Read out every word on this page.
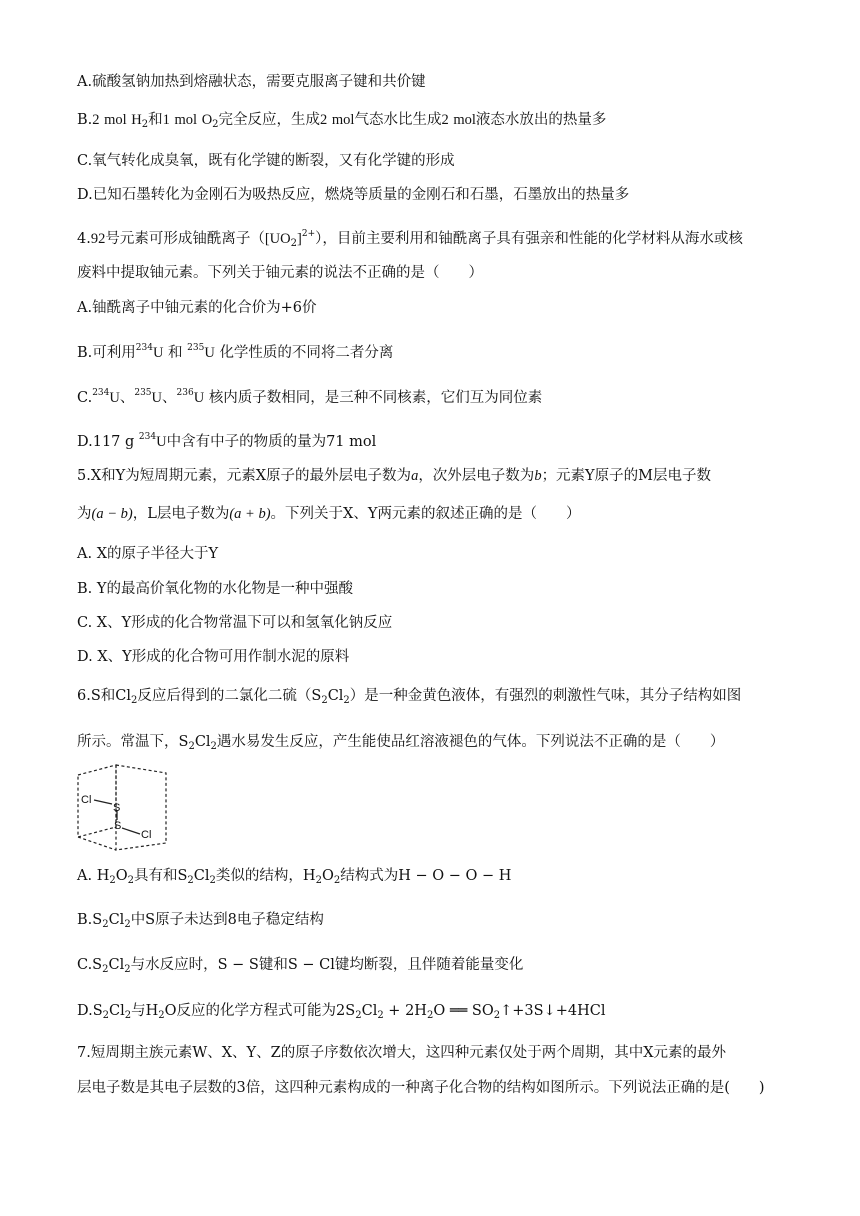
A.硫酸氢钠加热到熔融状态，需要克服离子键和共价键
B.2 mol $H_2$和1 mol $O_2$完全反应，生成2 mol气态水比生成2 mol液态水放出的热量多
C.氧气转化成臭氧，既有化学键的断裂，又有化学键的形成
D.已知石墨转化为金刚石为吸热反应，燃烧等质量的金刚石和石墨，石墨放出的热量多
4.92号元素可形成铀酰离子$([UO_2]^{2+})$，目前主要利用和铀酰离子具有强亲和性能的化学材料从海水或核
废料中提取铀元素。下列关于铀元素的说法不正确的是（　　）
A.铀酰离子中铀元素的化合价为+6价
B.可利用$^{234}$U 和 $^{235}$U 化学性质的不同将二者分离
C.$^{234}$U、$^{235}$U、$^{236}$U 核内质子数相同，是三种不同核素，它们互为同位素
D.117 g $^{234}$U中含有中子的物质的量为71 mol
5.X和Y为短周期元素，元素X原子的最外层电子数为a，次外层电子数为b；元素Y原子的M层电子数
为(a − b)，L层电子数为(a + b)。下列关于X、Y两元素的叙述正确的是（　　）
A. X的原子半径大于Y
B. Y的最高价氧化物的水化物是一种中强酸
C. X、Y形成的化合物常温下可以和氢氧化钠反应
D. X、Y形成的化合物可用作制水泥的原料
6.S和$Cl_2$反应后得到的二氯化二硫$(S_2Cl_2)$是一种金黄色液体，有强烈的刺激性气味，其分子结构如图
所示。常温下，$S_2Cl_2$遇水易发生反应，产生能使品红溶液褪色的气体。下列说法不正确的是（　　）
Cl
S
S
Cl
A. $H_2O_2$具有和$S_2Cl_2$类似的结构，$H_2O_2$结构式为H − O − O − H
$B.S_2Cl_2$中S原子未达到8电子稳定结构
$C.S_2Cl_2$与水反应时，S − S键和S − Cl键均断裂，且伴随着能量变化
$D.S_2Cl_2$与$H_2O$反应的化学方程式可能为$2S_2Cl_2 + 2H_2O$ ══ $SO_2↑+3S↓+4HCl$
7.短周期主族元素W、X、Y、Z的原子序数依次增大，这四种元素仅处于两个周期，其中X元素的最外
层电子数是其电子层数的3倍，这四种元素构成的一种离子化合物的结构如图所示。下列说法正确的是(　　)
